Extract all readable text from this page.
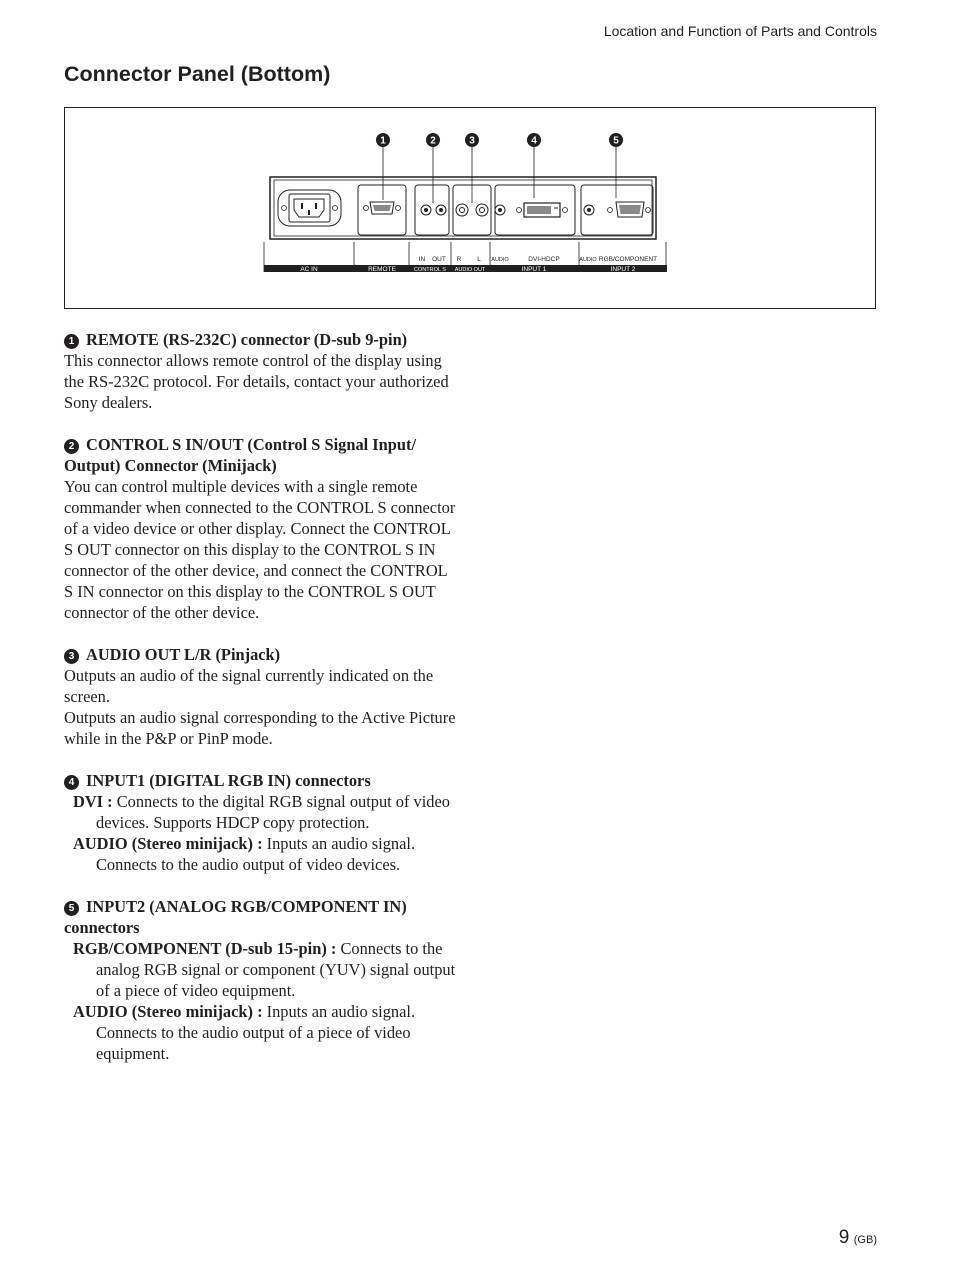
Location and Function of Parts and Controls
Connector Panel (Bottom)
1	2	3	4	5
IN OUT R L AUDIO	DVI-HDCP	AUDIO RGB/COMPONENT
AC IN	REMOTE	CONTROL S AUDIO OUT	INPUT 1	INPUT 2
1 REMOTE (RS-232C) connector (D-sub 9-pin)
This connector allows remote control of the display using the RS-232C protocol. For details, contact your authorized Sony dealers.
2 CONTROL S IN/OUT (Control S Signal Input/ Output) Connector (Minijack)
You can control multiple devices with a single remote commander when connected to the CONTROL S connector of a video device or other display. Connect the CONTROL S OUT connector on this display to the CONTROL S IN connector of the other device, and connect the CONTROL S IN connector on this display to the CONTROL S OUT connector of the other device.
3 AUDIO OUT L/R (Pinjack)
Outputs an audio of the signal currently indicated on the screen.
Outputs an audio signal corresponding to the Active Picture while in the P&P or PinP mode.
4 INPUT1 (DIGITAL RGB IN) connectors
DVI : Connects to the digital RGB signal output of video devices. Supports HDCP copy protection.
AUDIO (Stereo minijack) : Inputs an audio signal. Connects to the audio output of video devices.
5 INPUT2 (ANALOG RGB/COMPONENT IN) connectors
RGB/COMPONENT (D-sub 15-pin) : Connects to the analog RGB signal or component (YUV) signal output of a piece of video equipment.
AUDIO (Stereo minijack) : Inputs an audio signal. Connects to the audio output of a piece of video equipment.
9 (GB)
